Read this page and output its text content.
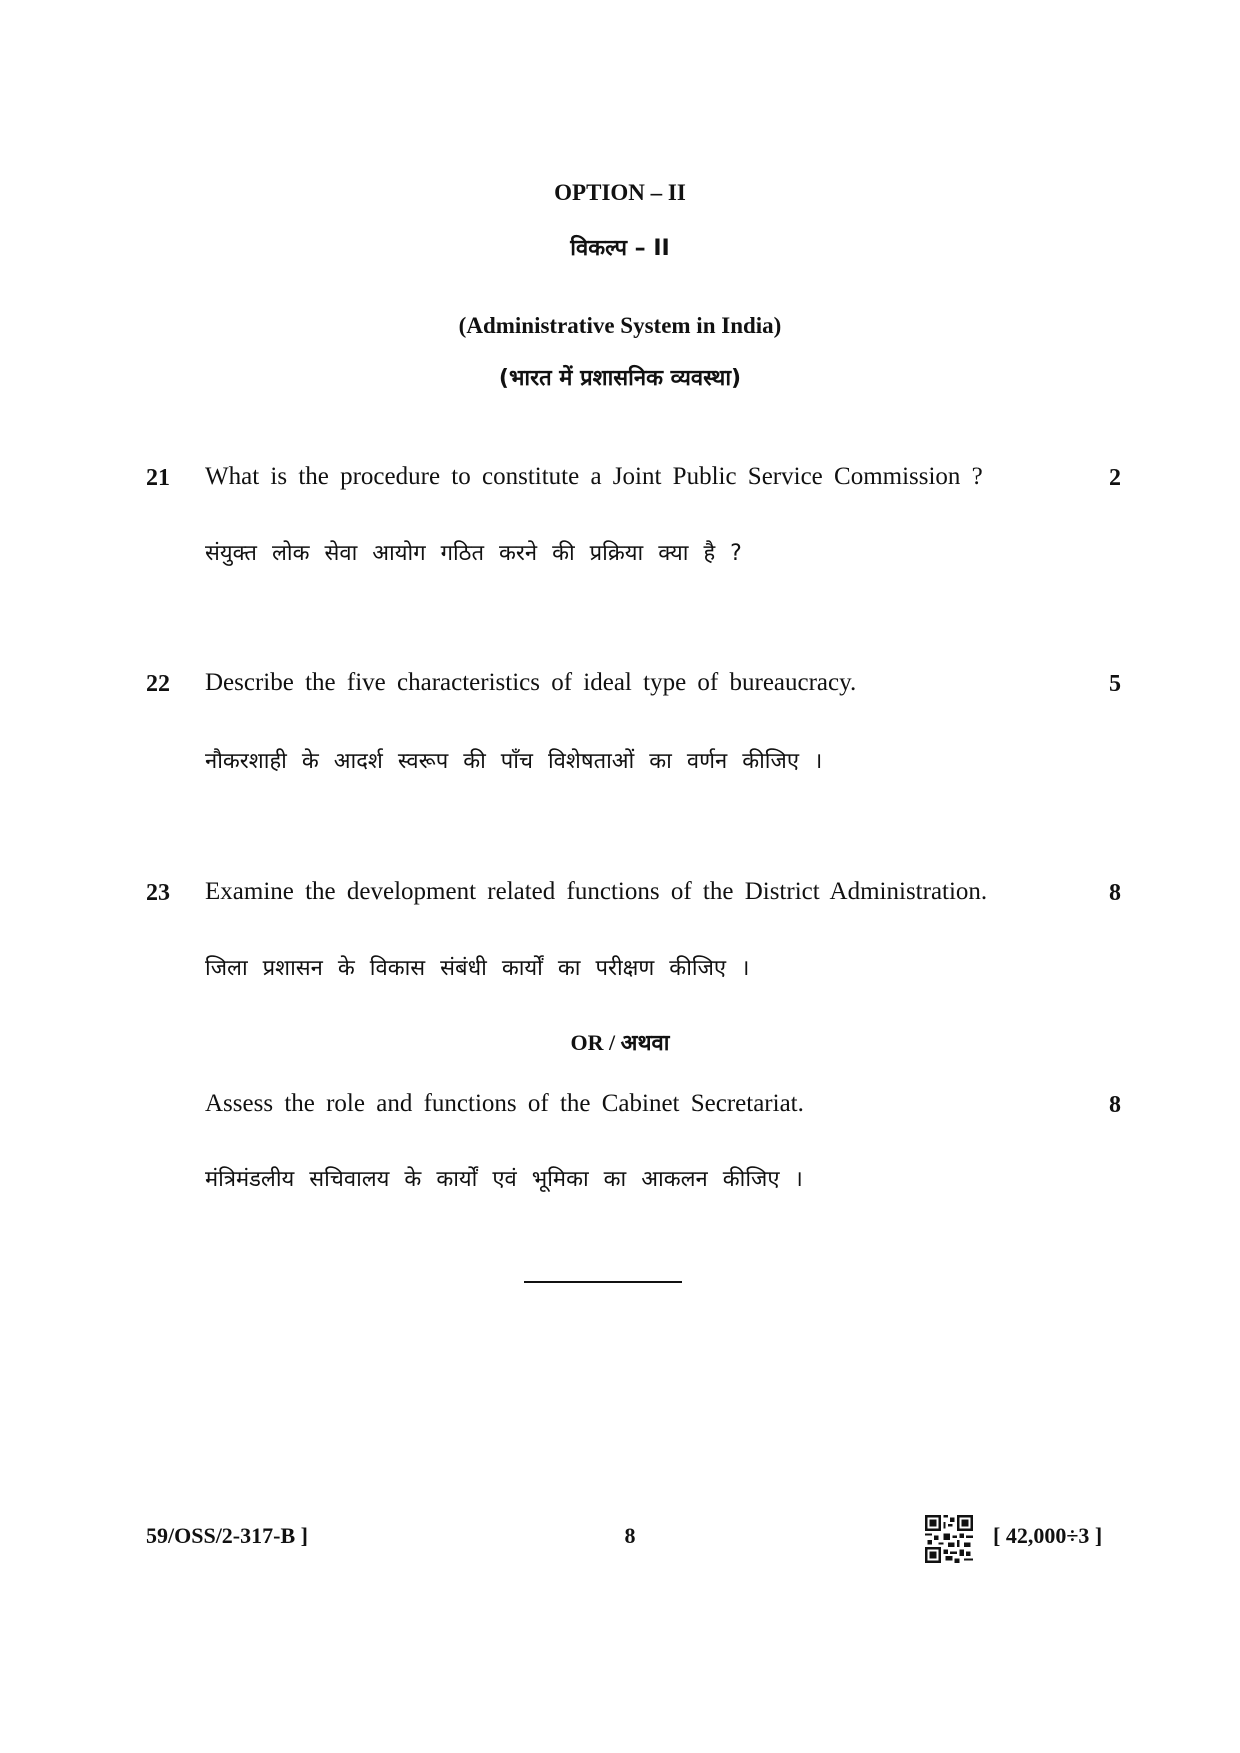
OPTION – II
विकल्प – II
(Administrative System in India)
(भारत में प्रशासनिक व्यवस्था)
21 What is the procedure to constitute a Joint Public Service Commission ?	2
संयुक्त लोक सेवा आयोग गठित करने की प्रक्रिया क्या है ?
22 Describe the five characteristics of ideal type of bureaucracy.	5
नौकरशाही के आदर्श स्वरूप की पाँच विशेषताओं का वर्णन कीजिए ।
23 Examine the development related functions of the District Administration.	8
जिला प्रशासन के विकास संबंधी कार्यों का परीक्षण कीजिए ।
OR / अथवा
Assess the role and functions of the Cabinet Secretariat.	8
मंत्रिमंडलीय सचिवालय के कार्यों एवं भूमिका का आकलन कीजिए ।
59/OSS/2-317-B ]	8	[ 42,000÷3 ]
